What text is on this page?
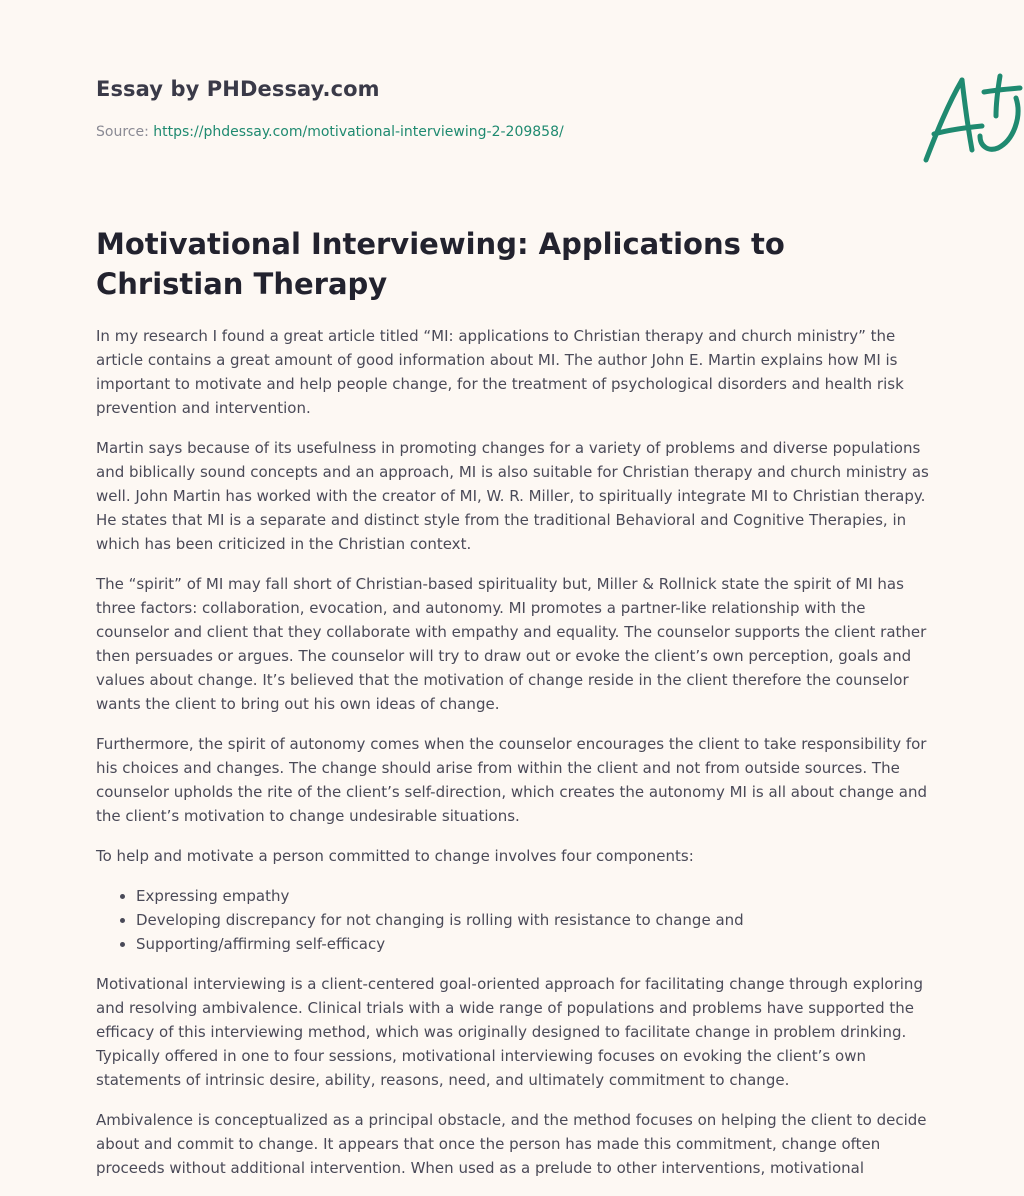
Essay by PHDessay.com
Source: https://phdessay.com/motivational-interviewing-2-209858/
Motivational Interviewing: Applications to Christian Therapy

In my research I found a great article titled “MI: applications to Christian therapy and church ministry” the article contains a great amount of good information about MI. The author John E. Martin explains how MI is important to motivate and help people change, for the treatment of psychological disorders and health risk prevention and intervention.

Martin says because of its usefulness in promoting changes for a variety of problems and diverse populations and biblically sound concepts and an approach, MI is also suitable for Christian therapy and church ministry as well. John Martin has worked with the creator of MI, W. R. Miller, to spiritually integrate MI to Christian therapy. He states that MI is a separate and distinct style from the traditional Behavioral and Cognitive Therapies, in which has been criticized in the Christian context.

The “spirit” of MI may fall short of Christian-based spirituality but, Miller & Rollnick state the spirit of MI has three factors: collaboration, evocation, and autonomy. MI promotes a partner-like relationship with the counselor and client that they collaborate with empathy and equality. The counselor supports the client rather then persuades or argues. The counselor will try to draw out or evoke the client’s own perception, goals and values about change. It’s believed that the motivation of change reside in the client therefore the counselor wants the client to bring out his own ideas of change.

Furthermore, the spirit of autonomy comes when the counselor encourages the client to take responsibility for his choices and changes. The change should arise from within the client and not from outside sources. The counselor upholds the rite of the client’s self-direction, which creates the autonomy MI is all about change and the client’s motivation to change undesirable situations.

To help and motivate a person committed to change involves four components:

• Expressing empathy
• Developing discrepancy for not changing is rolling with resistance to change and
• Supporting/affirming self-efficacy

Motivational interviewing is a client-centered goal-oriented approach for facilitating change through exploring and resolving ambivalence. Clinical trials with a wide range of populations and problems have supported the efficacy of this interviewing method, which was originally designed to facilitate change in problem drinking. Typically offered in one to four sessions, motivational interviewing focuses on evoking the client’s own statements of intrinsic desire, ability, reasons, need, and ultimately commitment to change.

Ambivalence is conceptualized as a principal obstacle, and the method focuses on helping the client to decide about and commit to change. It appears that once the person has made this commitment, change often proceeds without additional intervention. When used as a prelude to other interventions, motivational
